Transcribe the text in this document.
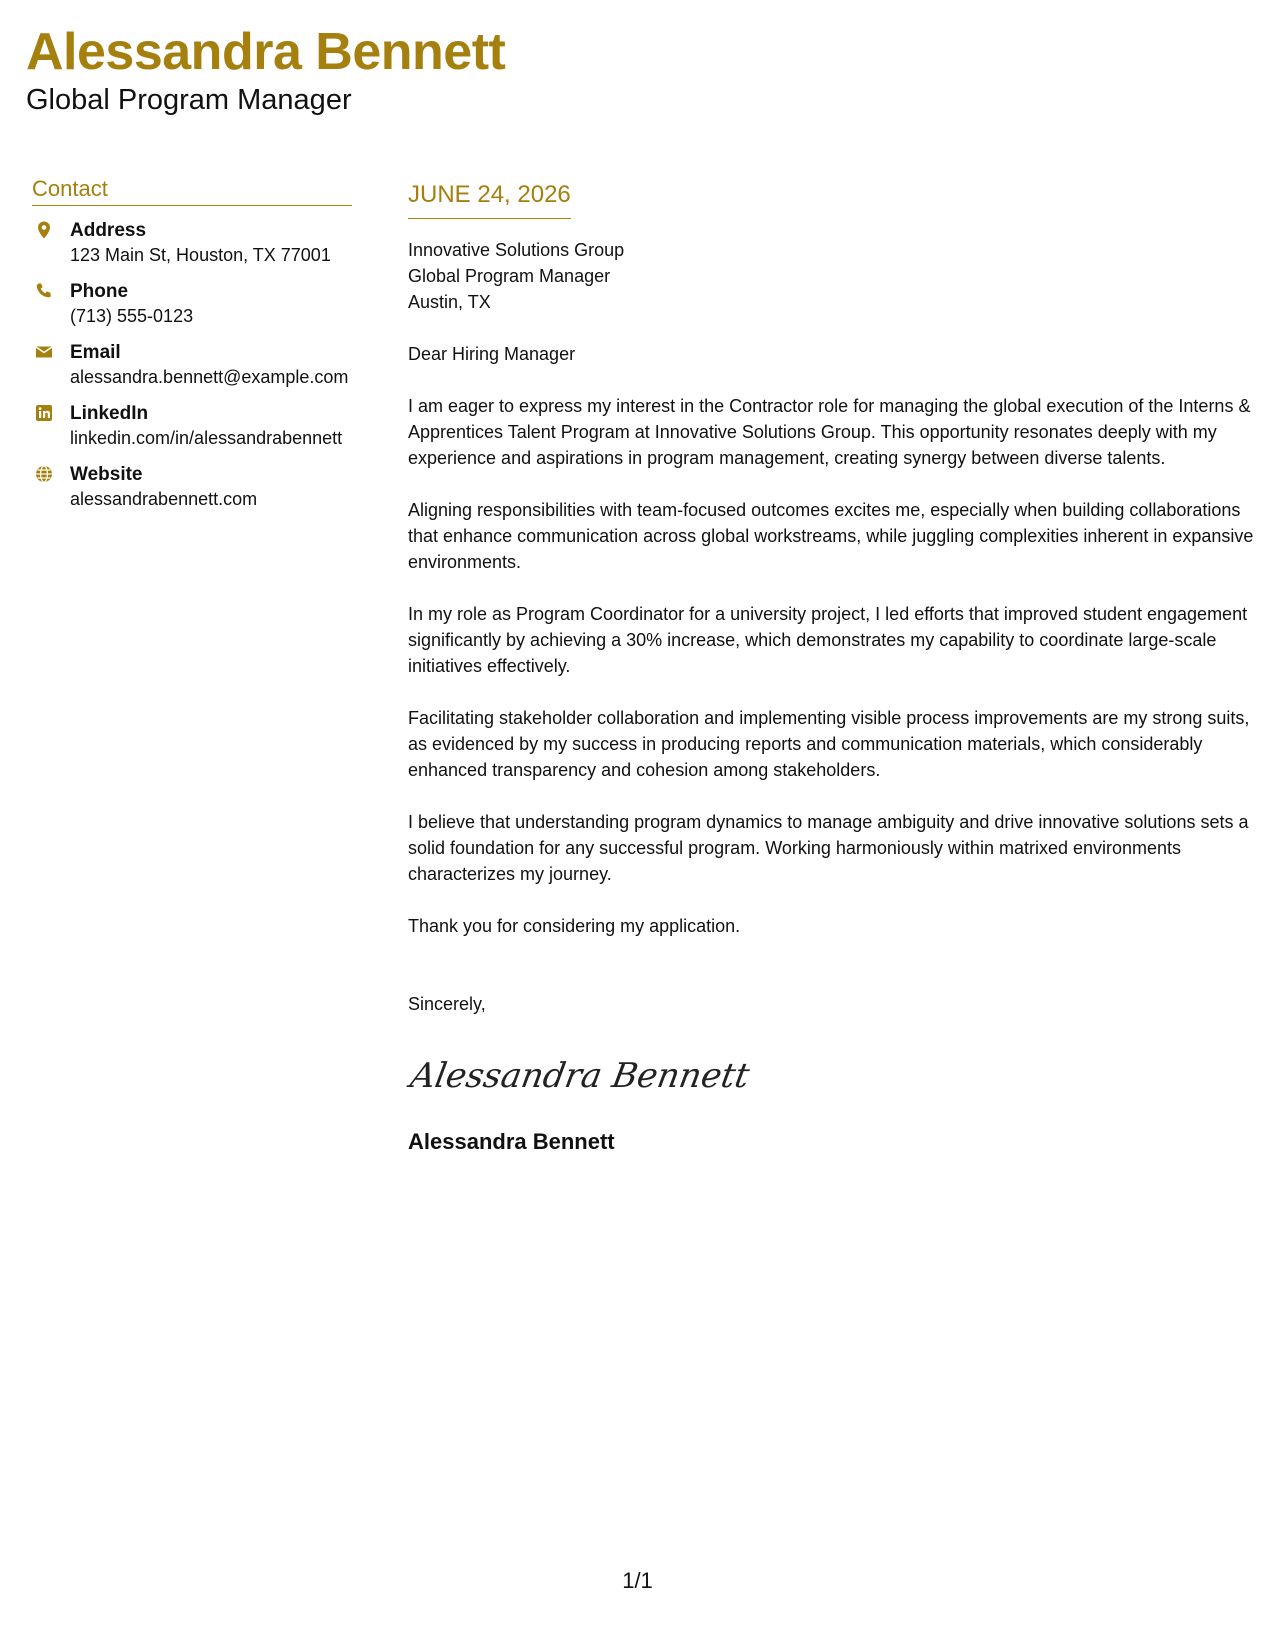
Alessandra Bennett
Global Program Manager
Contact
Address
123 Main St, Houston, TX 77001
Phone
(713) 555-0123
Email
alessandra.bennett@example.com
LinkedIn
linkedin.com/in/alessandrabennett
Website
alessandrabennett.com
JUNE 24, 2026
Innovative Solutions Group
Global Program Manager
Austin, TX
Dear Hiring Manager
I am eager to express my interest in the Contractor role for managing the global execution of the Interns & Apprentices Talent Program at Innovative Solutions Group. This opportunity resonates deeply with my experience and aspirations in program management, creating synergy between diverse talents.
Aligning responsibilities with team-focused outcomes excites me, especially when building collaborations that enhance communication across global workstreams, while juggling complexities inherent in expansive environments.
In my role as Program Coordinator for a university project, I led efforts that improved student engagement significantly by achieving a 30% increase, which demonstrates my capability to coordinate large-scale initiatives effectively.
Facilitating stakeholder collaboration and implementing visible process improvements are my strong suits, as evidenced by my success in producing reports and communication materials, which considerably enhanced transparency and cohesion among stakeholders.
I believe that understanding program dynamics to manage ambiguity and drive innovative solutions sets a solid foundation for any successful program. Working harmoniously within matrixed environments characterizes my journey.
Thank you for considering my application.
Sincerely,
Alessandra Bennett
Alessandra Bennett
1/1
